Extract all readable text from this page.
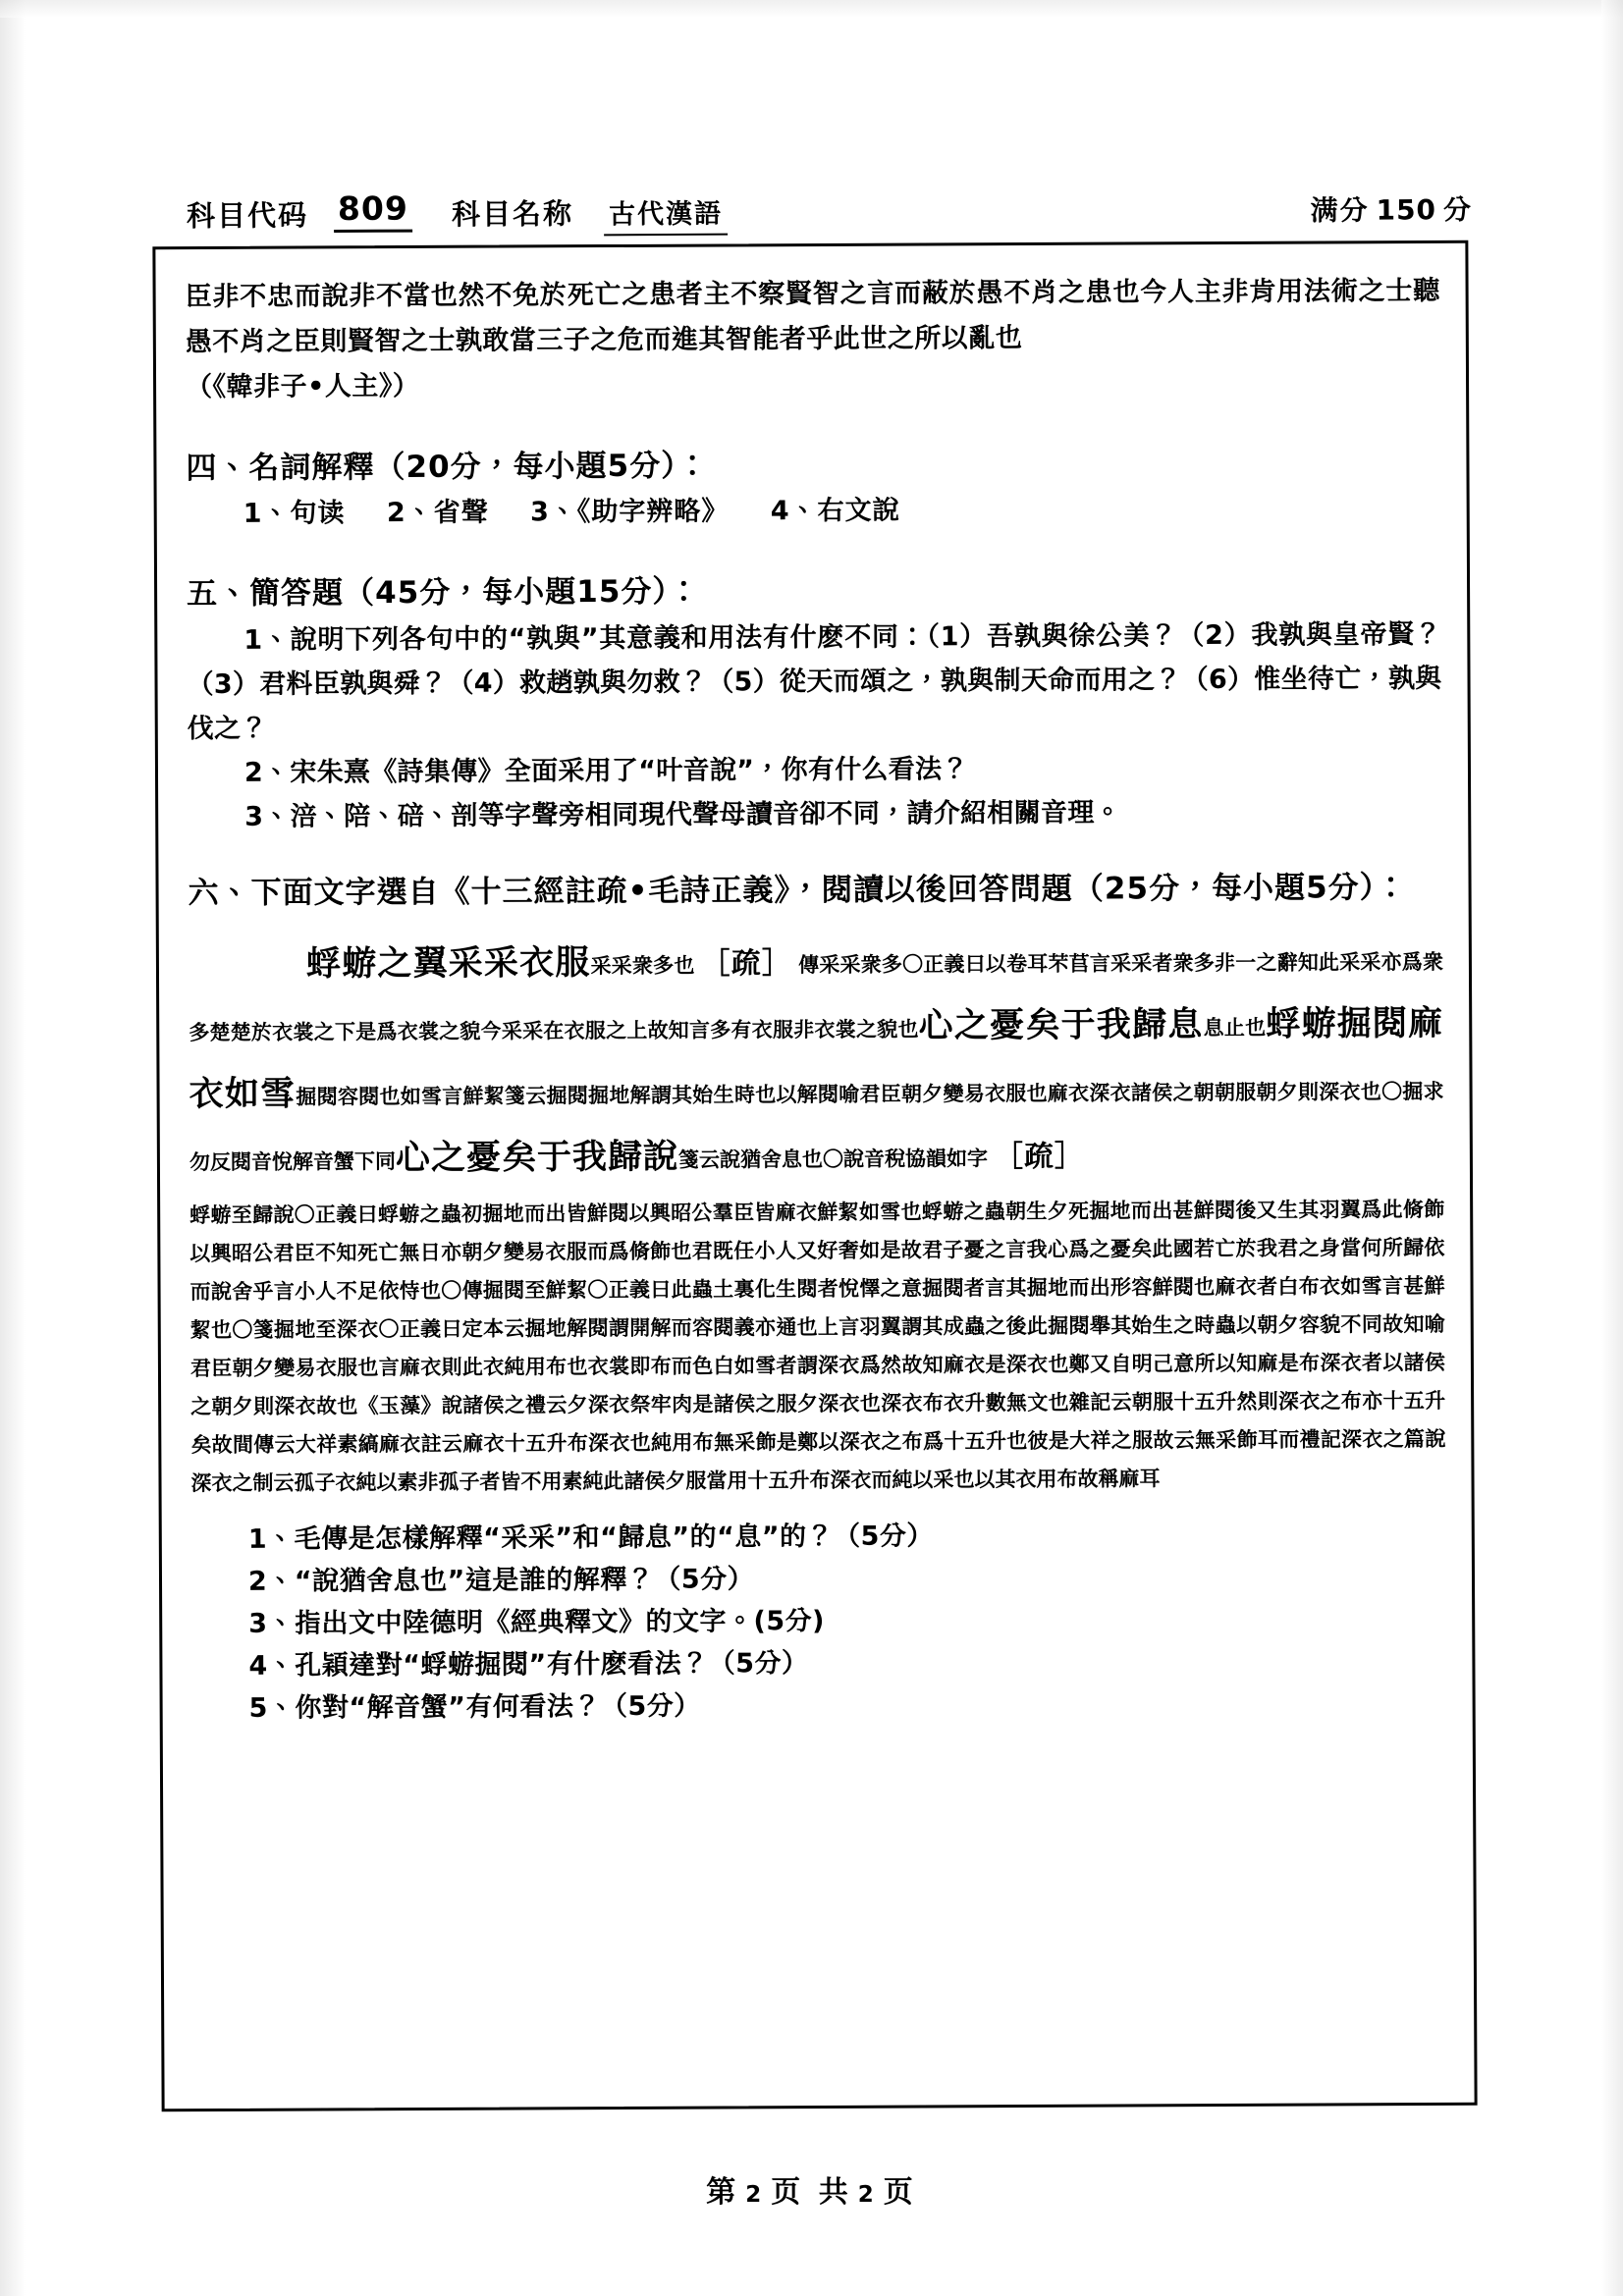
科目代码 809 科目名称 古代漢語	满分 150 分
臣非不忠而說非不當也然不免於死亡之患者主不察賢智之言而蔽於愚不肖之患也今人主非肯用法術之士聽愚不肖之臣則賢智之士孰敢當三子之危而進其智能者乎此世之所以亂也
（《韓非子•人主》）
四、名詞解釋（20分，每小題5分）：
1、句读 2、省聲 3、《助字辨略》 4、右文說
五、簡答題（45分，每小題15分）：
1、說明下列各句中的“孰與”其意義和用法有什麽不同：（1）吾孰與徐公美？（2）我孰與皇帝賢？（3）君料臣孰與舜？（4）救趙孰與勿救？（5）從天而頌之，孰與制天命而用之？（6）惟坐待亡，孰與伐之？
2、宋朱熹《詩集傳》全面采用了“叶音說”，你有什么看法？
3、涪、陪、碚、剖等字聲旁相同現代聲母讀音卻不同，請介紹相關音理。
六、下面文字選自《十三經註疏•毛詩正義》，閱讀以後回答問題（25分，每小題5分）：
蜉蝣之翼采采衣服采采衆多也 ［疏］ 傳采采衆多〇正義曰以卷耳芣苢言采采者衆多非一之辭知此采采亦爲衆多楚楚於衣裳之下是爲衣裳之貌今采采在衣服之上故知言多有衣服非衣裳之貌也心之憂矣于我歸息息止也蜉蝣掘閱麻衣如雪掘閱容閱也如雪言鮮絜箋云掘閱掘地解謂其始生時也以解閱喻君臣朝夕變易衣服也麻衣深衣諸侯之朝朝服朝夕則深衣也〇掘求勿反閱音悅解音蟹下同心之憂矣于我歸說箋云說猶舍息也〇說音稅協韻如字 ［疏］
蜉蝣至歸說〇正義曰蜉蝣之蟲初掘地而出皆鮮閱以興昭公羣臣皆麻衣鮮絜如雪也蜉蝣之蟲朝生夕死掘地而出甚鮮閱後又生其羽翼爲此脩飾以興昭公君臣不知死亡無日亦朝夕變易衣服而爲脩飾也君既任小人又好奢如是故君子憂之言我心爲之憂矣此國若亡於我君之身當何所歸依而說舍乎言小人不足依恃也〇傳掘閱至鮮絜〇正義曰此蟲土裏化生閱者悅懌之意掘閱者言其掘地而出形容鮮閱也麻衣者白布衣如雪言甚鮮絜也〇箋掘地至深衣〇正義曰定本云掘地解閱謂開解而容閱義亦通也上言羽翼謂其成蟲之後此掘閱舉其始生之時蟲以朝夕容貌不同故知喻君臣朝夕變易衣服也言麻衣則此衣純用布也衣裳即布而色白如雪者謂深衣爲然故知麻衣是深衣也鄭又自明己意所以知麻是布深衣者以諸侯之朝夕則深衣故也《玉藻》說諸侯之禮云夕深衣祭牢肉是諸侯之服夕深衣也深衣布衣升數無文也雜記云朝服十五升然則深衣之布亦十五升矣故間傳云大祥素縞麻衣註云麻衣十五升布深衣也純用布無采飾是鄭以深衣之布爲十五升也彼是大祥之服故云無采飾耳而禮記深衣之篇說深衣之制云孤子衣純以素非孤子者皆不用素純此諸侯夕服當用十五升布深衣而純以采也以其衣用布故稱麻耳
1、毛傳是怎樣解釋“采采”和“歸息”的“息”的？（5分）
2、“說猶舍息也”這是誰的解釋？（5分）
3、指出文中陸德明《經典釋文》的文字。(5分)
4、孔穎達對“蜉蝣掘閱”有什麽看法？（5分）
5、你對“解音蟹”有何看法？（5分）
第 2 页 共 2 页
